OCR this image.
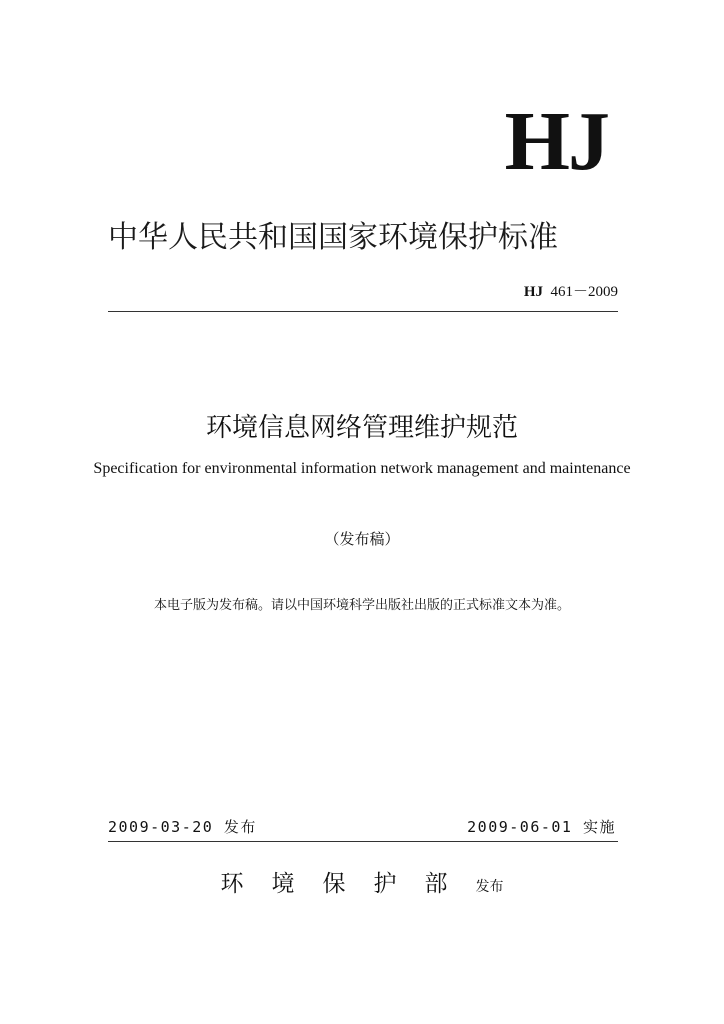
HJ
中华人民共和国国家环境保护标准
HJ 461－2009
环境信息网络管理维护规范
Specification for environmental information network management and maintenance
（发布稿）
本电子版为发布稿。请以中国环境科学出版社出版的正式标准文本为准。
2009-03-20 发布	2009-06-01 实施
环境保护部发布
